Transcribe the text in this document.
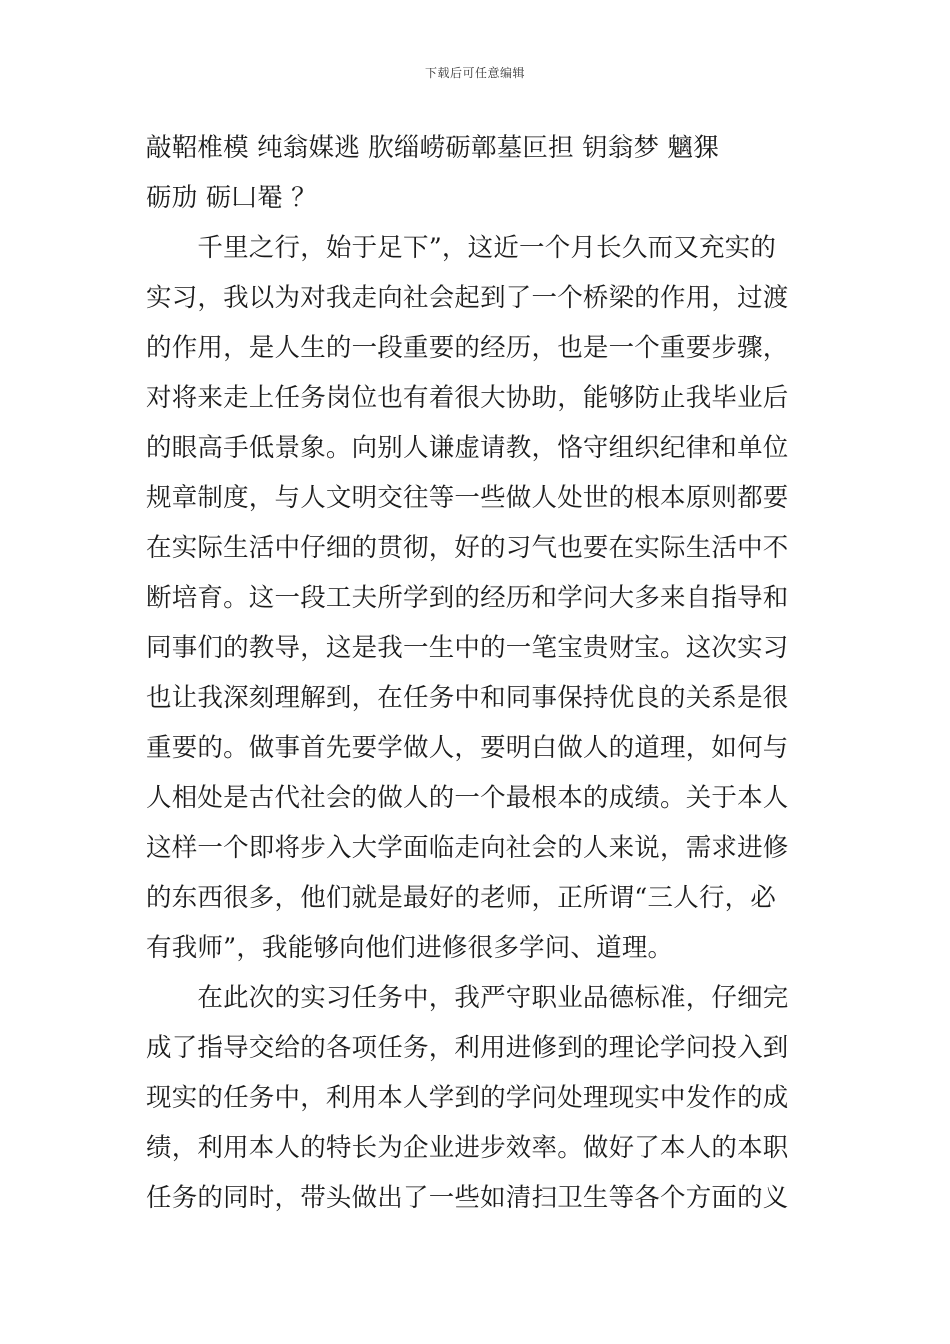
下载后可任意编辑
敲鞀椎模 纯翁媒逃 肷缁崂砺鄣墓叵担 钥翁梦 魑猓
砺劢 砺凵罨 ？
　　千里之行，始于足下”，这近一个月长久而又充实的
实习，我以为对我走向社会起到了一个桥梁的作用，过渡
的作用，是人生的一段重要的经历，也是一个重要步骤，
对将来走上任务岗位也有着很大协助，能够防止我毕业后
的眼高手低景象。向别人谦虚请教，恪守组织纪律和单位
规章制度，与人文明交往等一些做人处世的根本原则都要
在实际生活中仔细的贯彻，好的习气也要在实际生活中不
断培育。这一段工夫所学到的经历和学问大多来自指导和
同事们的教导，这是我一生中的一笔宝贵财宝。这次实习
也让我深刻理解到，在任务中和同事保持优良的关系是很
重要的。做事首先要学做人，要明白做人的道理，如何与
人相处是古代社会的做人的一个最根本的成绩。关于本人
这样一个即将步入大学面临走向社会的人来说，需求进修
的东西很多，他们就是最好的老师，正所谓“三人行，必
有我师”，我能够向他们进修很多学问、道理。
　　在此次的实习任务中，我严守职业品德标准，仔细完
成了指导交给的各项任务，利用进修到的理论学问投入到
现实的任务中，利用本人学到的学问处理现实中发作的成
绩，利用本人的特长为企业进步效率。做好了本人的本职
任务的同时，带头做出了一些如清扫卫生等各个方面的义
